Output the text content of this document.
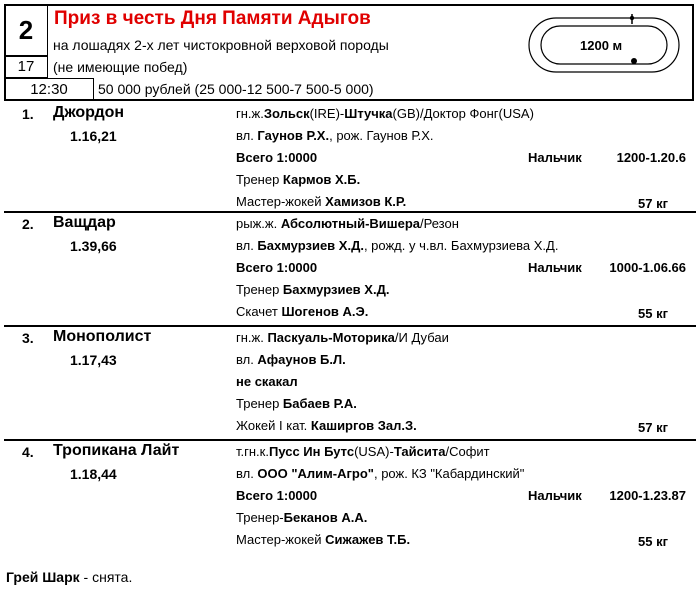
2
17
12:30
Приз в честь Дня Памяти Адыгов
на лошадях 2-х лет чистокровной верховой породы
(не имеющие побед)
50 000 рублей (25 000-12 500-7 500-5 000)
1200 м
1. Джордон
1.16,21
гн.ж.Зольск(IRE)-Штучка(GB)/Доктор Фонг(USA)
вл. Гаунов Р.Х., рож. Гаунов Р.Х.
Всего 1:0000	Нальчик	1200-1.20.6
Тренер Кармов Х.Б.
Мастер-жокей Хамизов К.Р.	57 кг
2. Ващдар
1.39,66
рыж.ж. Абсолютный-Вишера/Резон
вл. Бахмурзиев Х.Д., рожд. у ч.вл. Бахмурзиева Х.Д.
Всего 1:0000	Нальчик 1000-1.06.66
Тренер Бахмурзиев Х.Д.
Скачет Шогенов А.Э.	55 кг
3. Монополист
1.17,43
гн.ж. Паскуаль-Моторика/И Дубаи
вл. Афаунов Б.Л.
не скакал
Тренер Бабаев Р.А.
Жокей I кат. Каширгов Зал.З.	57 кг
4. Тропикана Лайт
1.18,44
т.гн.к.Пусс Ин Бутс(USA)-Тайсита/Софит
вл. ООО "Алим-Агро", рож. КЗ "Кабардинский"
Всего 1:0000	Нальчик 1200-1.23.87
Тренер-Беканов А.А.
Мастер-жокей Сижажев Т.Б.	55 кг
Грей Шарк - снята.
